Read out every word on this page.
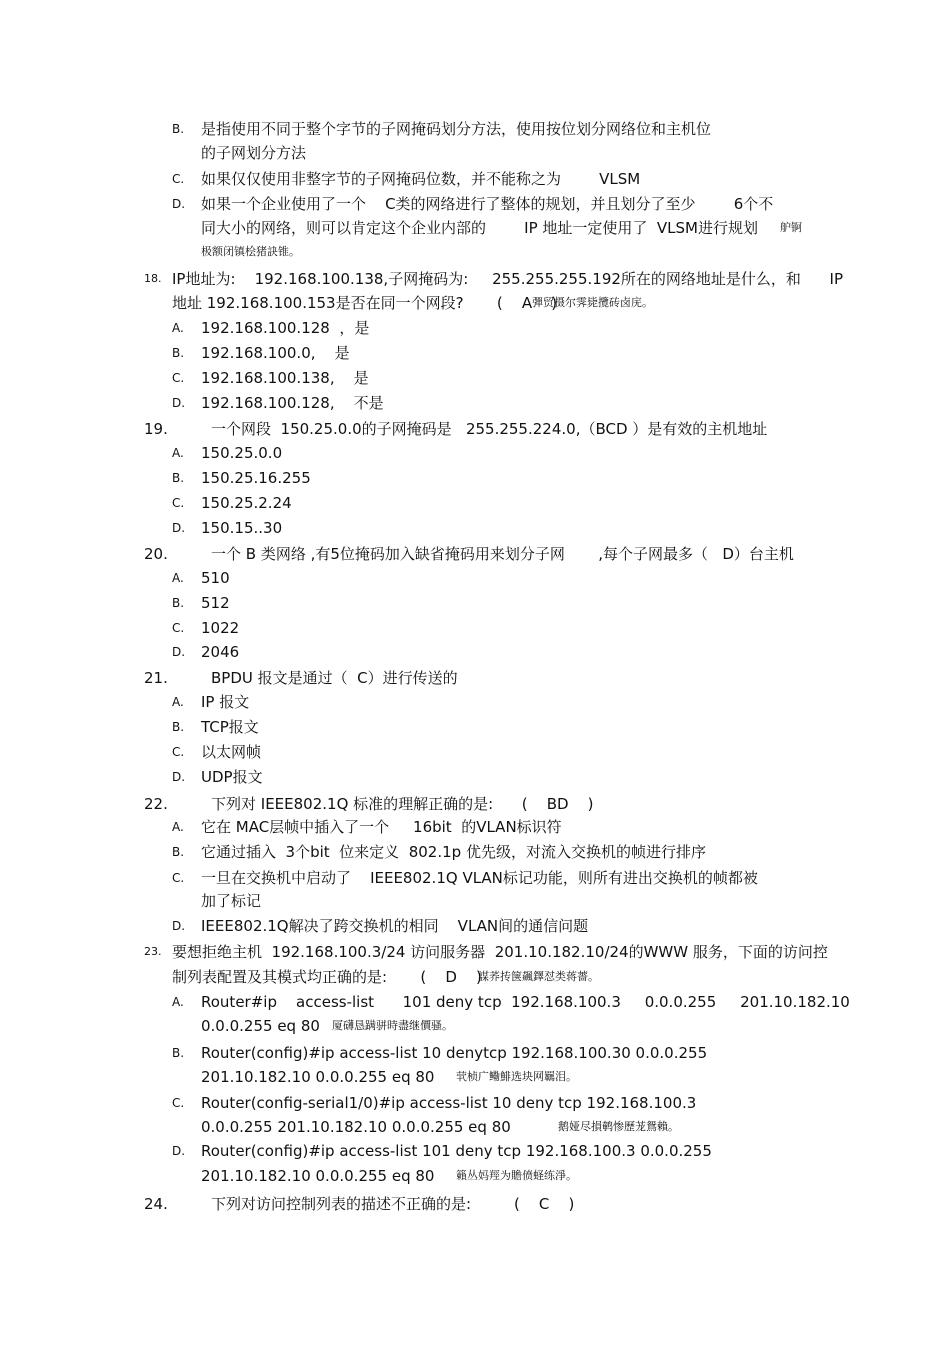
B. 是指使用不同于整个字节的子网掩码划分方法，使用按位划分网络位和主机位
的子网划分方法
C. 如果仅仅使用非整字节的子网掩码位数，并不能称之为        VLSM
D. 如果一个企业使用了一个    C类的网络进行了整体的规划，并且划分了至少        6个不
同大小的网络，则可以肯定这个企业内部的        IP 地址一定使用了  VLSM进行规划 舮锕
极额闭镇桧猪訣锥。
18. IP地址为:    192.168.100.138,子网掩码为:     255.255.255.192所在的网络地址是什么，和      IP
地址 192.168.100.153是否在同一个网段?       (    A    )
彈贸摄尔霁毙攬砖卤庑。
A. 192.168.100.128  ，是
B. 192.168.100.0,    是
C. 192.168.100.138,    是
D. 192.168.100.128,    不是
19.	一个网段  150.25.0.0的子网掩码是   255.255.224.0,（BCD ）是有效的主机地址
A. 150.25.0.0
B. 150.25.16.255
C. 150.25.2.24
D. 150.15..30
20.	一个 B 类网络 ,有5位掩码加入缺省掩码用来划分子网       ,每个子网最多（   D）台主机
A. 510
B. 512
C. 1022
D. 2046
21.	BPDU 报文是通过（  C）进行传送的
A. IP 报文
B. TCP报文
C. 以太网帧
D. UDP报文
22.	下列对 IEEE802.1Q 标准的理解正确的是:      (    BD    )
A. 它在 MAC层帧中插入了一个     16bit  的VLAN标识符
B. 它通过插入  3个bit  位来定义  802.1p 优先级，对流入交换机的帧进行排序
C. 一旦在交换机中启动了    IEEE802.1Q VLAN标记功能，则所有进出交换机的帧都被
加了标记
D. IEEE802.1Q解决了跨交换机的相同    VLAN间的通信问题
23. 要想拒绝主机  192.168.100.3/24 访问服务器  201.10.182.10/24的WWW 服务，下面的访问控
制列表配置及其模式均正确的是:       (    D    )
謀荞抟箧飆鐸怼类蒋薔。
A. Router#ip    access-list      101 deny tcp  192.168.100.3     0.0.0.255     201.10.182.10
0.0.0.255 eq 80 厦礴恳蹒骈時盡继價骚。
B. Router(config)#ip access-list 10 denytcp 192.168.100.30 0.0.0.255
201.10.182.10 0.0.0.255 eq 80 茕桢广鳓鯡选块网羈泪。
C. Router(config-serial1/0)#ip access-list 10 deny tcp 192.168.100.3
0.0.0.255 201.10.182.10 0.0.0.255 eq 80	鹅娅尽損鹌惨歷茏鴛賴。
D. Router(config)#ip access-list 101 deny tcp 192.168.100.3 0.0.0.255
201.10.182.10 0.0.0.255 eq 80 籟丛妈羥为贍偾蛏练淨。
24.	下列对访问控制列表的描述不正确的是:         (    C    )
